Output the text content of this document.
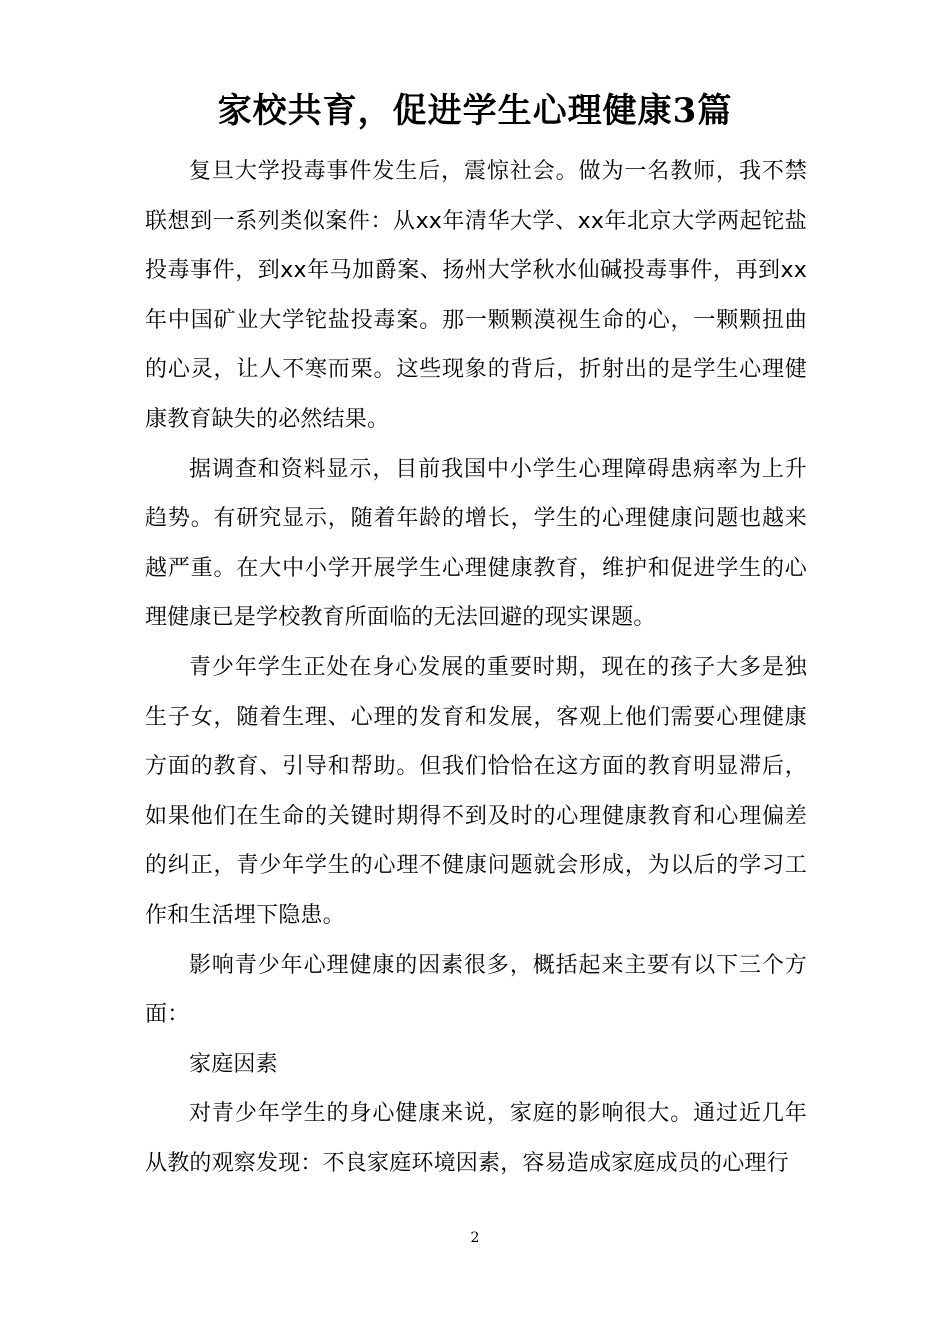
家校共育，促进学生心理健康3篇

复旦大学投毒事件发生后，震惊社会。做为一名教师，我不禁联想到一系列类似案件：从xx年清华大学、xx年北京大学两起铊盐投毒事件，到xx年马加爵案、扬州大学秋水仙碱投毒事件，再到xx年中国矿业大学铊盐投毒案。那一颗颗漠视生命的心，一颗颗扭曲的心灵，让人不寒而栗。这些现象的背后，折射出的是学生心理健康教育缺失的必然结果。

据调查和资料显示，目前我国中小学生心理障碍患病率为上升趋势。有研究显示，随着年龄的增长，学生的心理健康问题也越来越严重。在大中小学开展学生心理健康教育，维护和促进学生的心理健康已是学校教育所面临的无法回避的现实课题。

青少年学生正处在身心发展的重要时期，现在的孩子大多是独生子女，随着生理、心理的发育和发展，客观上他们需要心理健康方面的教育、引导和帮助。但我们恰恰在这方面的教育明显滞后，如果他们在生命的关键时期得不到及时的心理健康教育和心理偏差的纠正，青少年学生的心理不健康问题就会形成，为以后的学习工作和生活埋下隐患。

影响青少年心理健康的因素很多，概括起来主要有以下三个方面：

家庭因素

对青少年学生的身心健康来说，家庭的影响很大。通过近几年从教的观察发现：不良家庭环境因素，容易造成家庭成员的心理行

2
